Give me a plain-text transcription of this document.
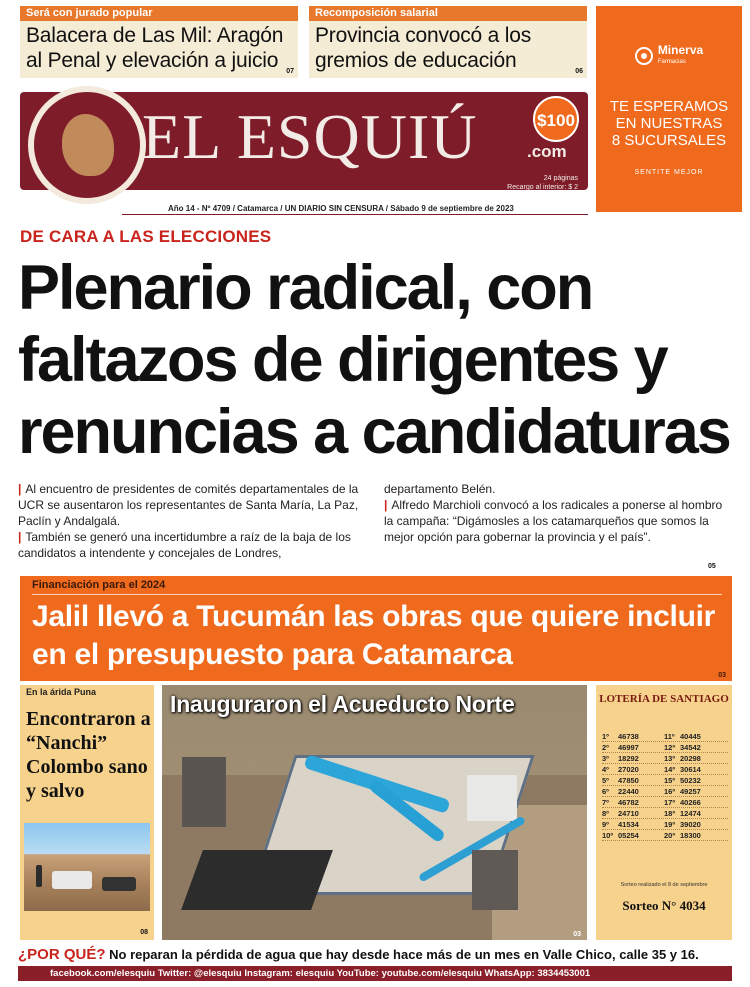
Será con jurado popular
Balacera de Las Mil: Aragón al Penal y elevación a juicio	07
Recomposición salarial
Provincia convocó a los gremios de educación	06
Minerva
Farmacias
TE ESPERAMOS
EN NUESTRAS
8 SUCURSALES
SENTITE MEJOR
EL ESQUIÚ	.com
$100
24 páginas
Recargo al interior: $ 2
Año 14 - Nº 4709 / Catamarca / UN DIARIO SIN CENSURA / Sábado 9 de septiembre de 2023
DE CARA A LAS ELECCIONES
Plenario radical, con faltazos de dirigentes y renuncias a candidaturas

| Al encuentro de presidentes de comités departamentales de la UCR se ausentaron los representantes de Santa María, La Paz, Paclín y Andalgalá.

| También se generó una incertidumbre a raíz de la baja de los candidatos a intendente y concejales de Londres,

departamento Belén.

| Alfredo Marchioli convocó a los radicales a ponerse al hombro la campaña: “Digámosles a los catamarqueños que somos la mejor opción para gobernar la provincia y el país”.

05
Financiación para el 2024
Jalil llevó a Tucumán las obras que quiere incluir en el presupuesto para Catamarca
03
En la árida Puna
Encontraron a “Nanchi” Colombo sano y salvo
08
Inauguraron el Acueducto Norte
03
LOTERÍA DE SANTIAGO
1º	46738	11º 40445
2º	46997	12º 34542
3º	18292	13º 20298
4º	27020	14º 30614
5º	47850	15º 50232
6º	22440	16º 49257
7º	46782	17º 40266
8º	24710	18º 12474
9º	41534	19º 39020
10º 05254	20º 18300
Sorteo realizado el 8 de septiembre
Sorteo N° 4034
¿POR QUÉ? No reparan la pérdida de agua que hay desde hace más de un mes en Valle Chico, calle 35 y 16.
facebook.com/elesquiu Twitter: @elesquiu Instagram: elesquiu YouTube: youtube.com/elesquiu WhatsApp: 3834453001
